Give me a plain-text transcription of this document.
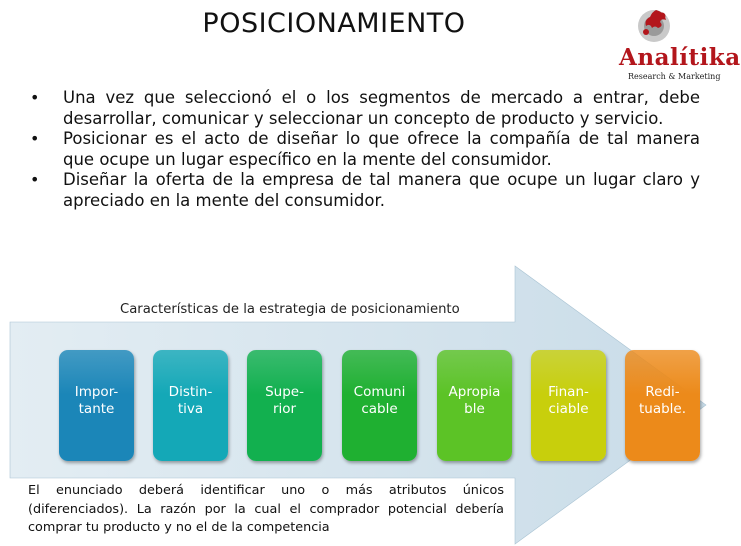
POSICIONAMIENTO
Analítika
Research & Marketing
• Una vez que seleccionó el o los segmentos de mercado a entrar, debe desarrollar, comunicar y seleccionar un concepto de producto y servicio.
• Posicionar es el acto de diseñar lo que ofrece la compañía de tal manera que ocupe un lugar específico en la mente del consumidor.
• Diseñar la oferta de la empresa de tal manera que ocupe un lugar claro y apreciado en la mente del consumidor.
Características de la estrategia de posicionamiento
Impor-
tante
Distin-
tiva
Supe-
rior
Comuni
cable
Apropia
ble
Finan-
ciable
Redi-
tuable.
El enunciado deberá identificar uno o más atributos únicos (diferenciados). La razón por la cual el comprador potencial debería comprar tu producto y no el de la competencia
